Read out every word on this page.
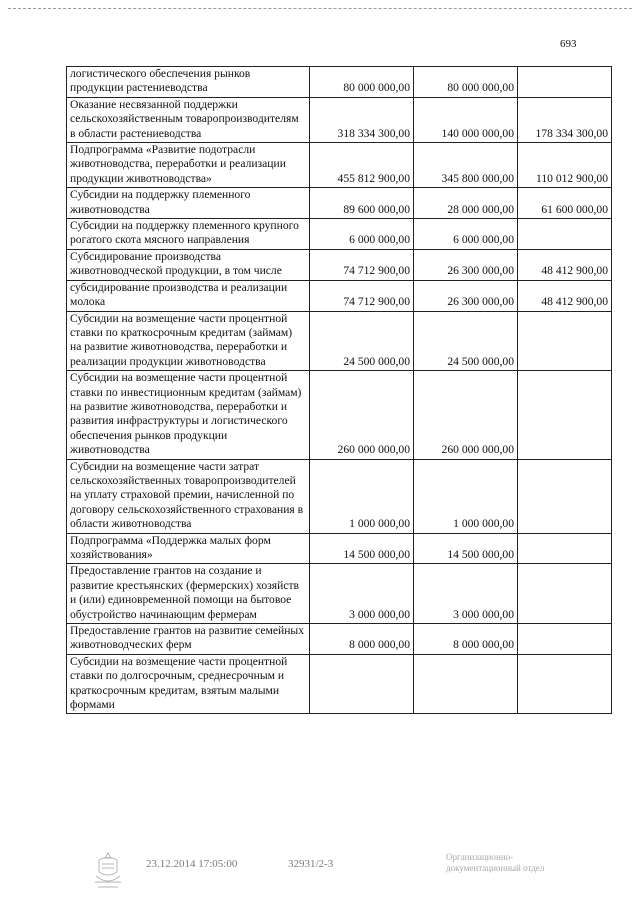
693
логистического обеспечения рынков продукции растениеводства	80 000 000,00	80 000 000,00	
Оказание несвязанной поддержки сельскохозяйственным товаропроизводителям в области растениеводства	318 334 300,00	140 000 000,00	178 334 300,00
Подпрограмма «Развитие подотрасли животноводства, переработки и реализации продукции животноводства»	455 812 900,00	345 800 000,00	110 012 900,00
Субсидии на поддержку племенного животноводства	89 600 000,00	28 000 000,00	61 600 000,00
Субсидии на поддержку племенного крупного рогатого скота мясного направления	6 000 000,00	6 000 000,00	
Субсидирование производства животноводческой продукции, в том числе	74 712 900,00	26 300 000,00	48 412 900,00
субсидирование производства и реализации молока	74 712 900,00	26 300 000,00	48 412 900,00
Субсидии на возмещение части процентной ставки по краткосрочным кредитам (займам) на развитие животноводства, переработки и реализации продукции животноводства	24 500 000,00	24 500 000,00	
Субсидии на возмещение части процентной ставки по инвестиционным кредитам (займам) на развитие животноводства, переработки и развития инфраструктуры и логистического обеспечения рынков продукции животноводства	260 000 000,00	260 000 000,00	
Субсидии на возмещение части затрат сельскохозяйственных товаропроизводителей на уплату страховой премии, начисленной по договору сельскохозяйственного страхования в области животноводства	1 000 000,00	1 000 000,00	
Подпрограмма «Поддержка малых форм хозяйствования»	14 500 000,00	14 500 000,00	
Предоставление грантов на создание и развитие крестьянских (фермерских) хозяйств и (или) единовременной помощи на бытовое обустройство начинающим фермерам	3 000 000,00	3 000 000,00	
Предоставление грантов на развитие семейных животноводческих ферм	8 000 000,00	8 000 000,00	
Субсидии на возмещение части процентной ставки по долгосрочным, среднесрочным и краткосрочным кредитам, взятым малыми формами			
23.12.2014 17:05:00	32931/2-3
Организационно-документационный отдел
